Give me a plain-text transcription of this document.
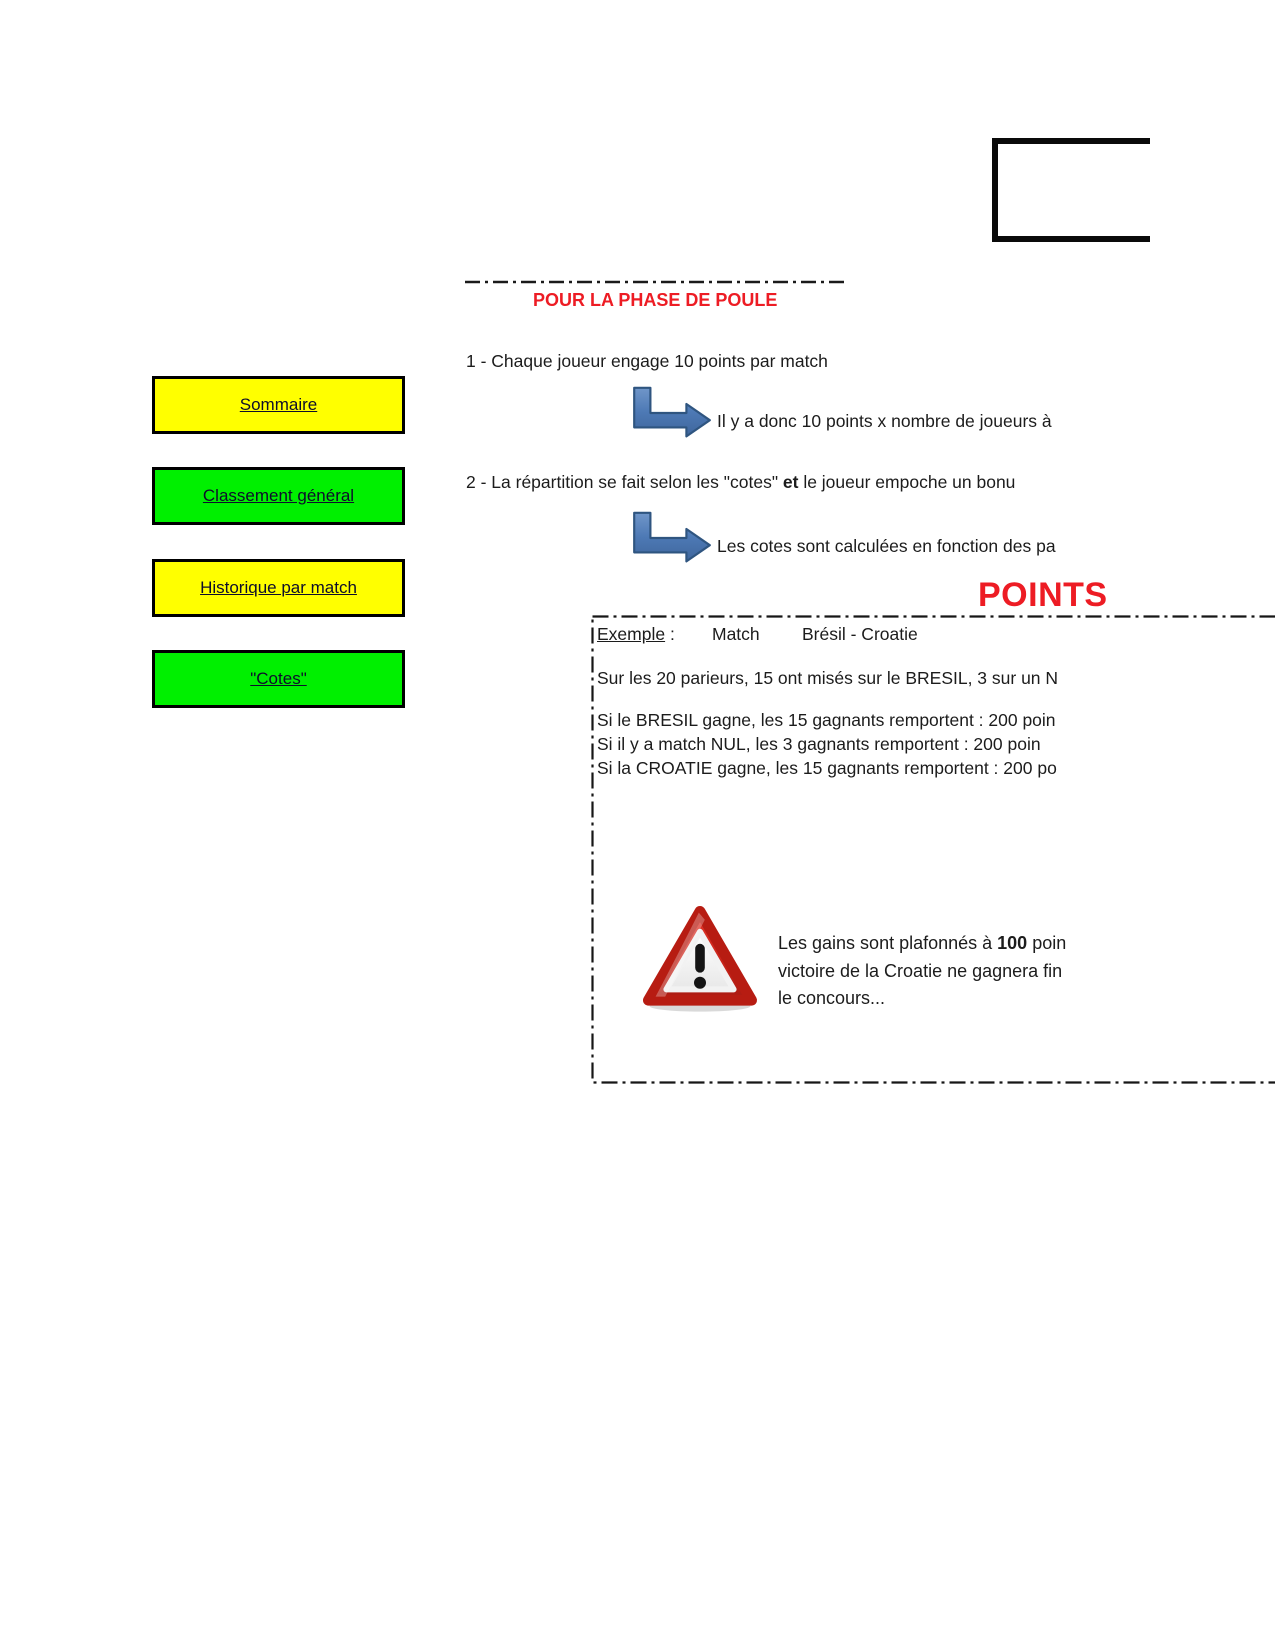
POUR LA PHASE DE POULE
1 - Chaque joueur engage 10 points par match
Il y a donc 10 points x nombre de joueurs à
2 - La répartition se fait selon les "cotes" et le joueur empoche un bonu
Les cotes sont calculées en fonction des pa
POINTS
Exemple : Match Brésil - Croatie
Sur les 20 parieurs, 15 ont misés sur le BRESIL, 3 sur un N
Si le BRESIL gagne, les 15 gagnants remportent : 200 poin
Si il y a match NUL, les 3 gagnants remportent : 200 poin
Si la CROATIE gagne, les 15 gagnants remportent : 200 po
Les gains sont plafonnés à 100 poin
victoire de la Croatie ne gagnera fin
le concours...
Sommaire
Classement général
Historique par match
"Cotes"
